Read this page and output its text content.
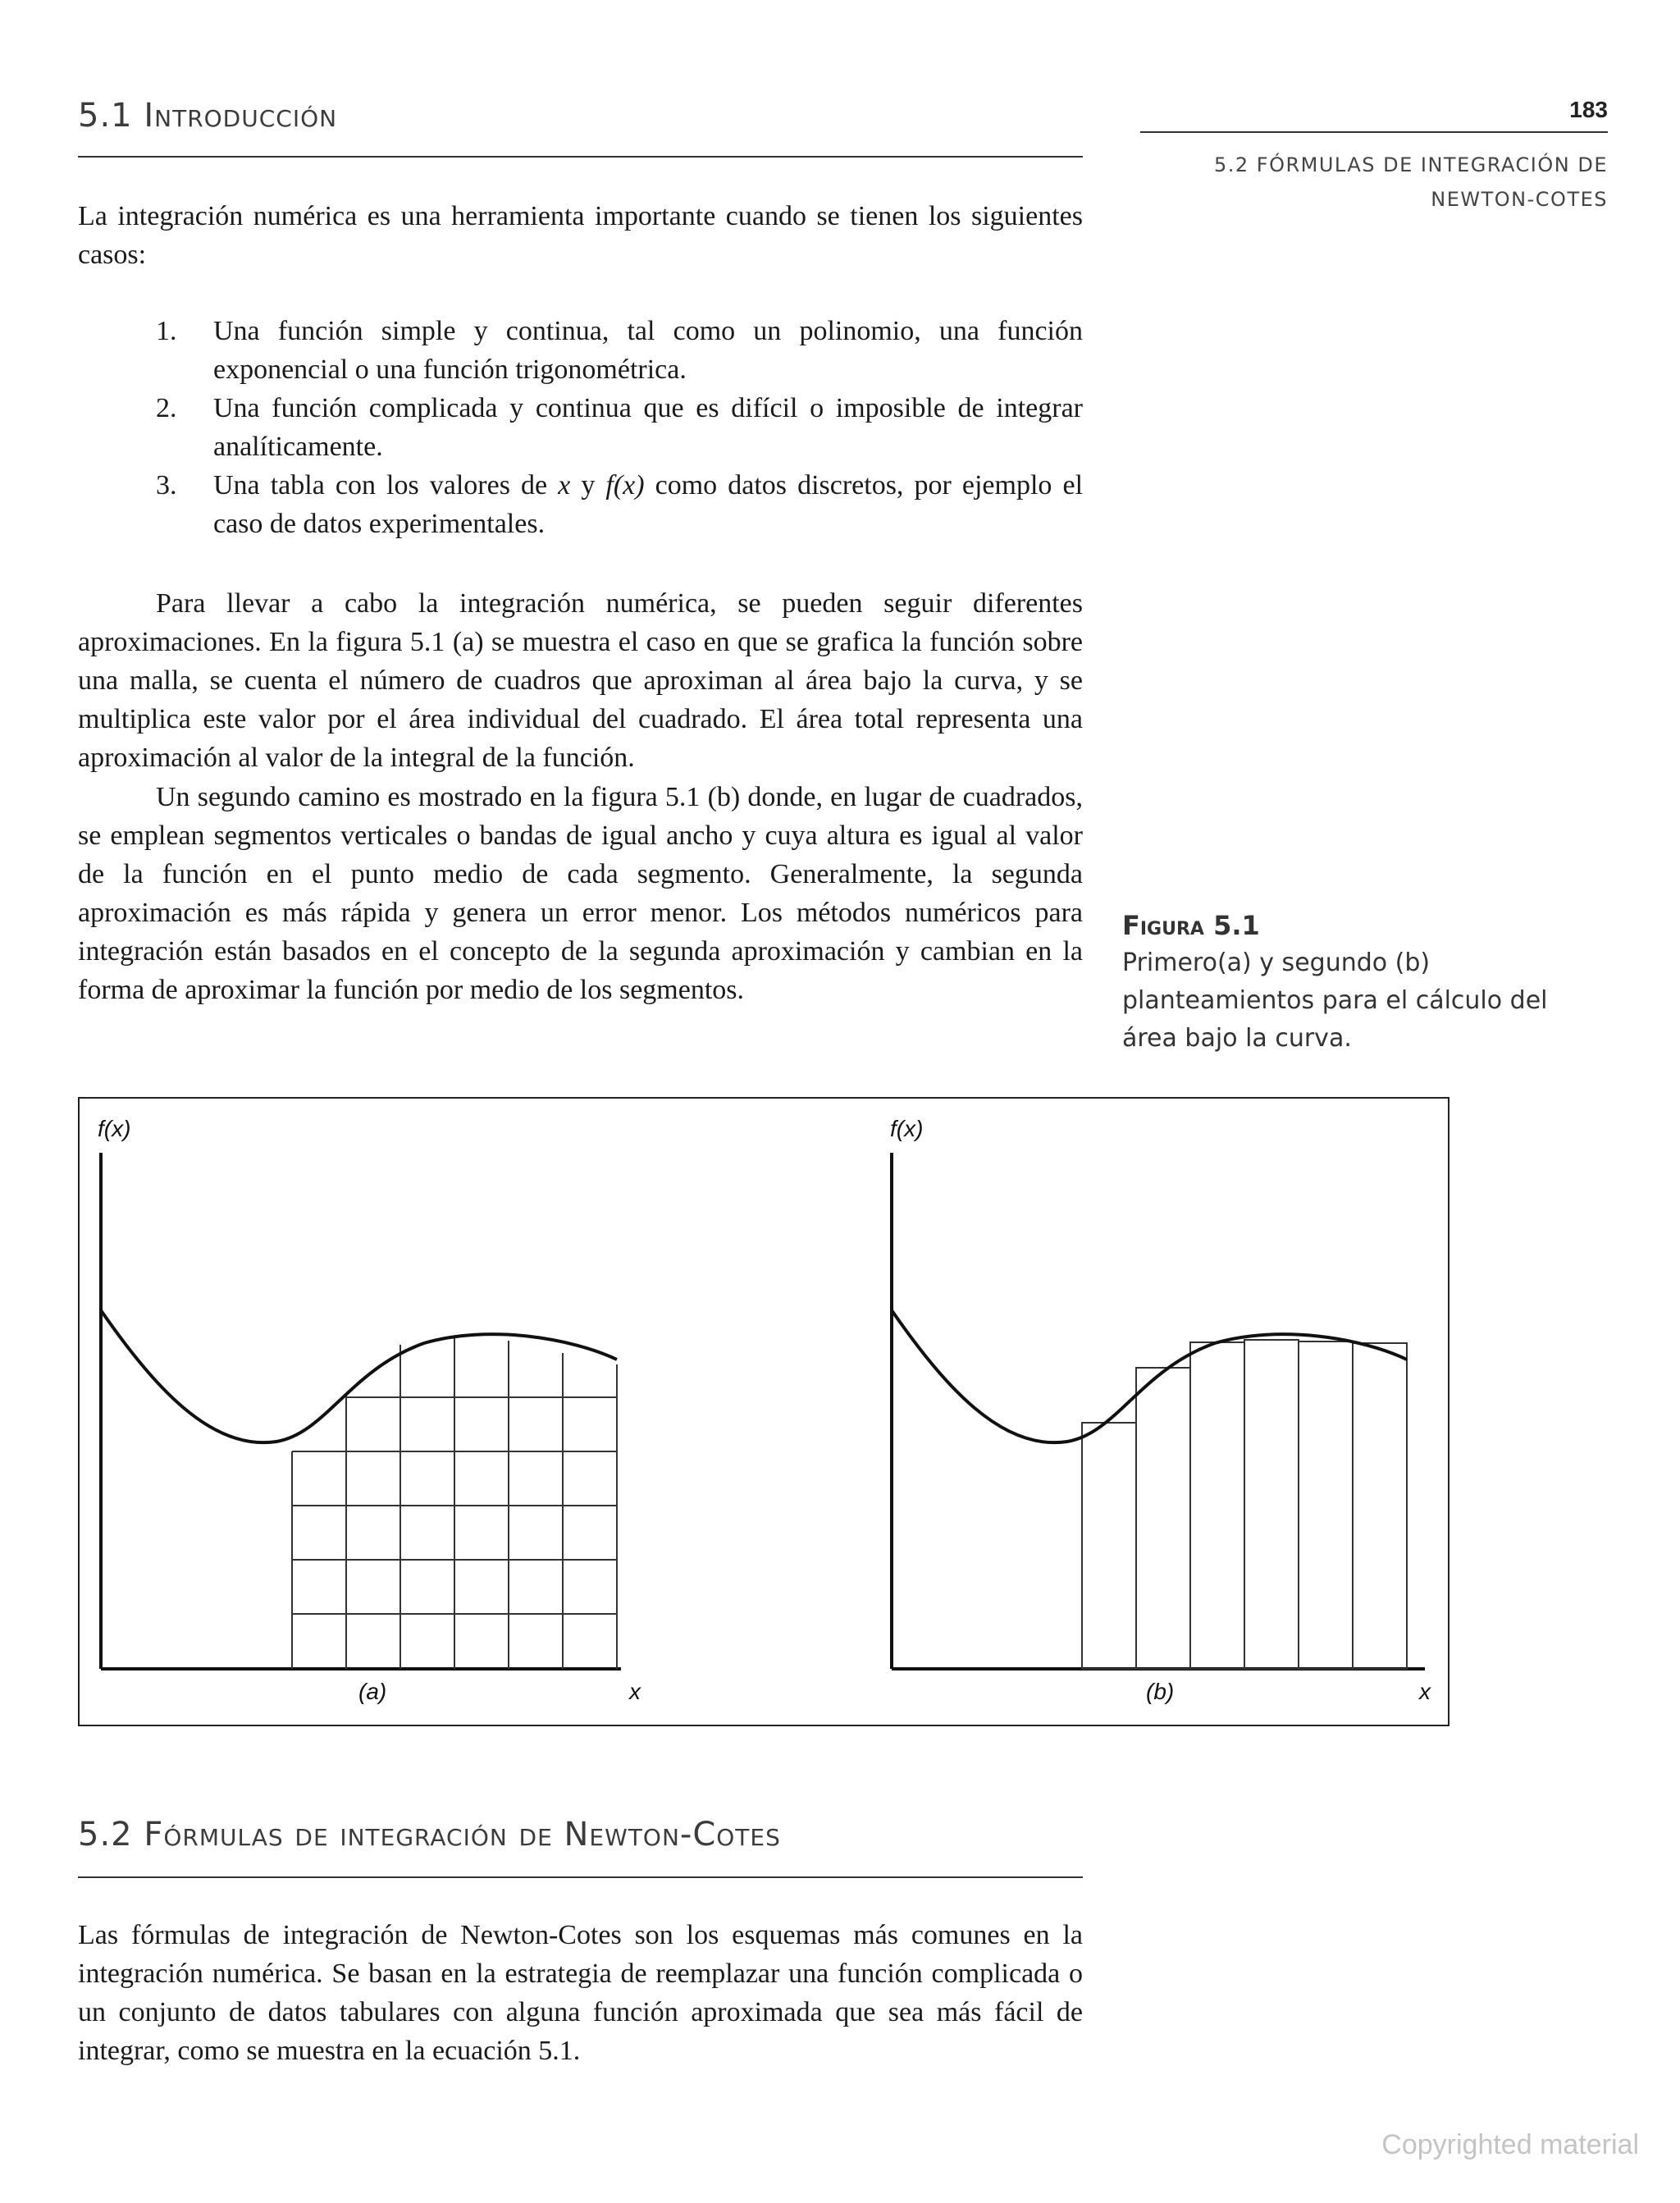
5.1 Introducción	183
5.2 FÓRMULAS DE INTEGRACIÓN DE
NEWTON-COTES
La integración numérica es una herramienta importante cuando se tienen los siguientes casos:
1. Una función simple y continua, tal como un polinomio, una función exponencial o una función trigonométrica.
2. Una función complicada y continua que es difícil o imposible de integrar analíticamente.
3. Una tabla con los valores de x y f(x) como datos discretos, por ejemplo el caso de datos experimentales.
Para llevar a cabo la integración numérica, se pueden seguir diferentes aproximaciones. En la figura 5.1 (a) se muestra el caso en que se grafica la función sobre una malla, se cuenta el número de cuadros que aproximan al área bajo la curva, y se multiplica este valor por el área individual del cuadrado. El área total representa una aproximación al valor de la integral de la función.
Un segundo camino es mostrado en la figura 5.1 (b) donde, en lugar de cuadrados, se emplean segmentos verticales o bandas de igual ancho y cuya altura es igual al valor de la función en el punto medio de cada segmento. Generalmente, la segunda aproximación es más rápida y genera un error menor. Los métodos numéricos para integración están basados en el concepto de la segunda aproximación y cambian en la forma de aproximar la función por medio de los segmentos.
Figura 5.1
Primero(a) y segundo (b) planteamientos para el cálculo del área bajo la curva.
f(x)
(a)	x
f(x)
(b)	x
5.2 Fórmulas de integración de Newton-Cotes
Las fórmulas de integración de Newton-Cotes son los esquemas más comunes en la integración numérica. Se basan en la estrategia de reemplazar una función complicada o un conjunto de datos tabulares con alguna función aproximada que sea más fácil de integrar, como se muestra en la ecuación 5.1.
Copyrighted material
